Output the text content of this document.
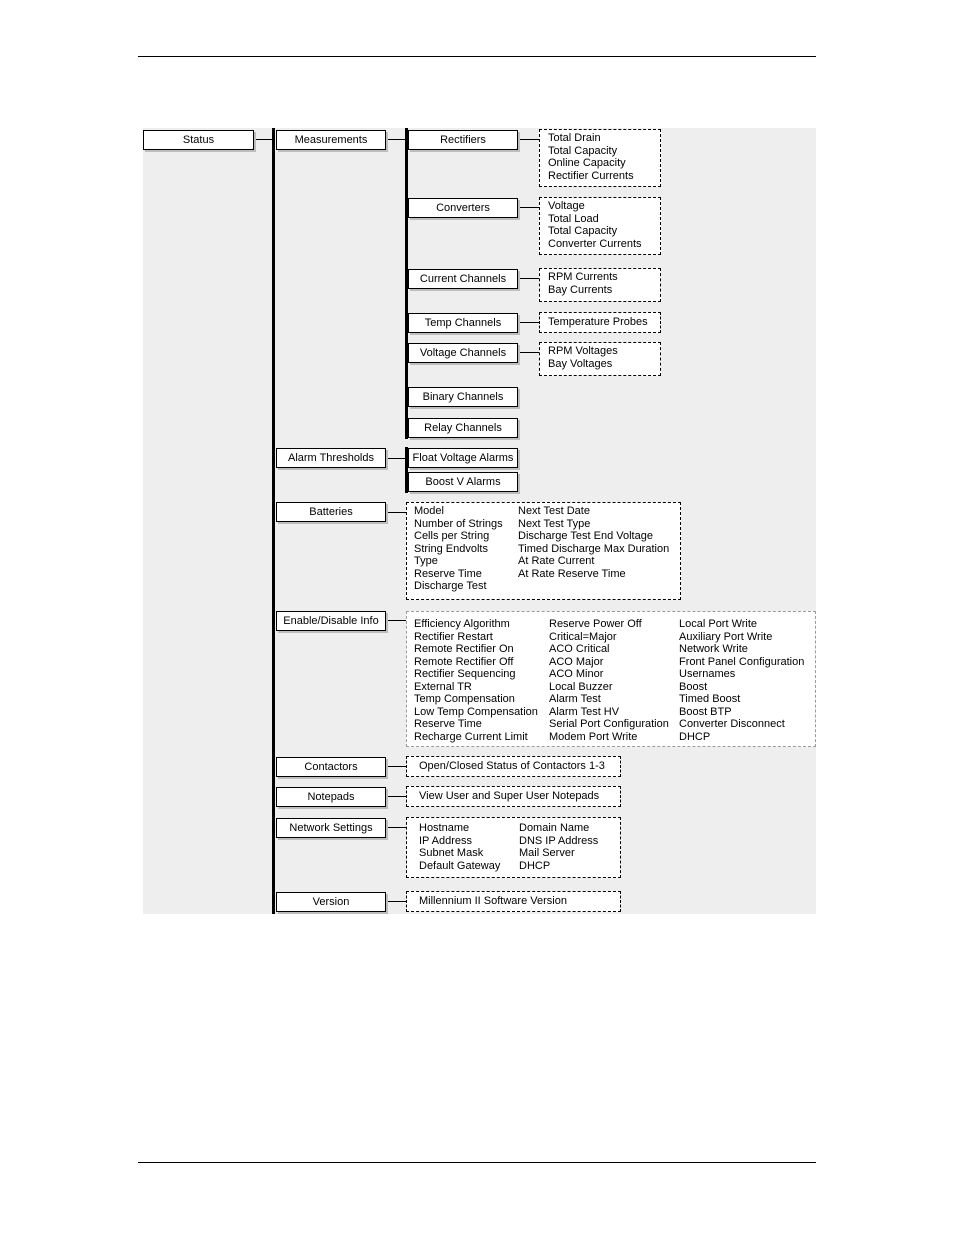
Status	Measurements
Alarm Thresholds
Batteries
Enable/Disable Info
Contactors
Notepads
Network Settings
Version
Rectifiers
Converters
Current Channels
Temp Channels
Voltage Channels
Binary Channels
Relay Channels
Float Voltage Alarms
Boost V Alarms
Total Drain
Total Capacity
Online Capacity
Rectifier Currents
Voltage
Total Load
Total Capacity
Converter Currents
RPM Currents
Bay Currents
Temperature Probes
RPM Voltages
Bay Voltages
Model
Number of Strings
Cells per String
String Endvolts
Type
Reserve Time
Discharge Test
Next Test Date
Next Test Type
Discharge Test End Voltage
Timed Discharge Max Duration
At Rate Current
At Rate Reserve Time
Efficiency Algorithm
Rectifier Restart
Remote Rectifier On
Remote Rectifier Off
Rectifier Sequencing
External TR
Temp Compensation
Low Temp Compensation
Reserve Time
Recharge Current Limit
Reserve Power Off
Critical=Major
ACO Critical
ACO Major
ACO Minor
Local Buzzer
Alarm Test
Alarm Test HV
Serial Port Configuration
Modem Port Write
Local Port Write
Auxiliary Port Write
Network Write
Front Panel Configuration
Usernames
Boost
Timed Boost
Boost BTP
Converter Disconnect
DHCP
Open/Closed Status of Contactors 1-3
View User and Super User Notepads
Hostname
IP Address
Subnet Mask
Default Gateway
Domain Name
DNS IP Address
Mail Server
DHCP
Millennium II Software Version
